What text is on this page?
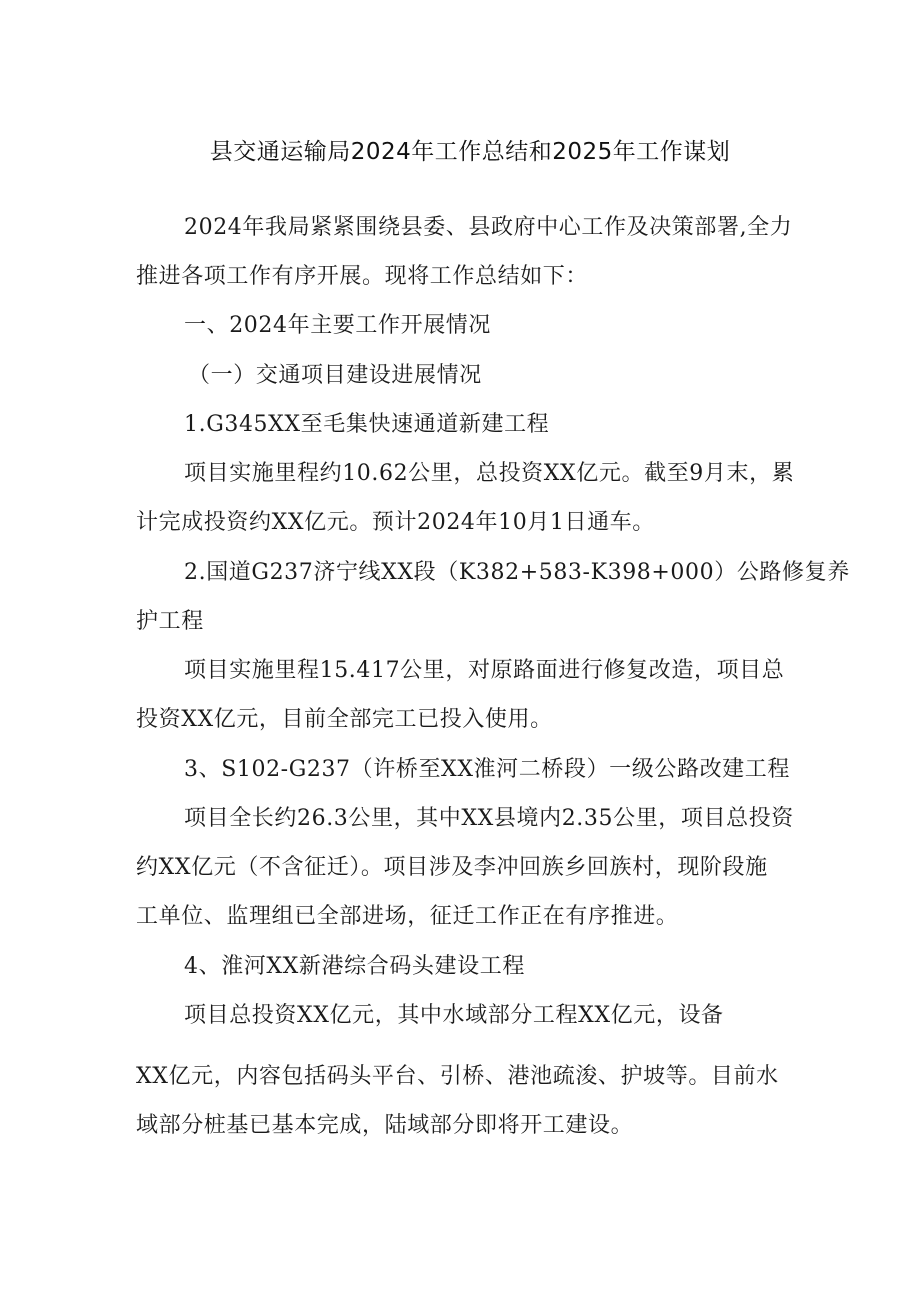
县交通运输局2024年工作总结和2025年工作谋划
2024年我局紧紧围绕县委、县政府中心工作及决策部署,全力
推进各项工作有序开展。现将工作总结如下：
一、2024年主要工作开展情况
（一）交通项目建设进展情况
1.G345XX至毛集快速通道新建工程
项目实施里程约10.62公里，总投资XX亿元。截至9月末，累
计完成投资约XX亿元。预计2024年10月1日通车。
2.国道G237济宁线XX段（K382+583-K398+000）公路修复养
护工程
项目实施里程15.417公里，对原路面进行修复改造，项目总
投资XX亿元，目前全部完工已投入使用。
3、S102-G237（许桥至XX淮河二桥段）一级公路改建工程
项目全长约26.3公里，其中XX县境内2.35公里，项目总投资
约XX亿元（不含征迁）。项目涉及李冲回族乡回族村，现阶段施
工单位、监理组已全部进场，征迁工作正在有序推进。
4、淮河XX新港综合码头建设工程
项目总投资XX亿元，其中水域部分工程XX亿元，设备
XX亿元，内容包括码头平台、引桥、港池疏浚、护坡等。目前水
域部分桩基已基本完成，陆域部分即将开工建设。
